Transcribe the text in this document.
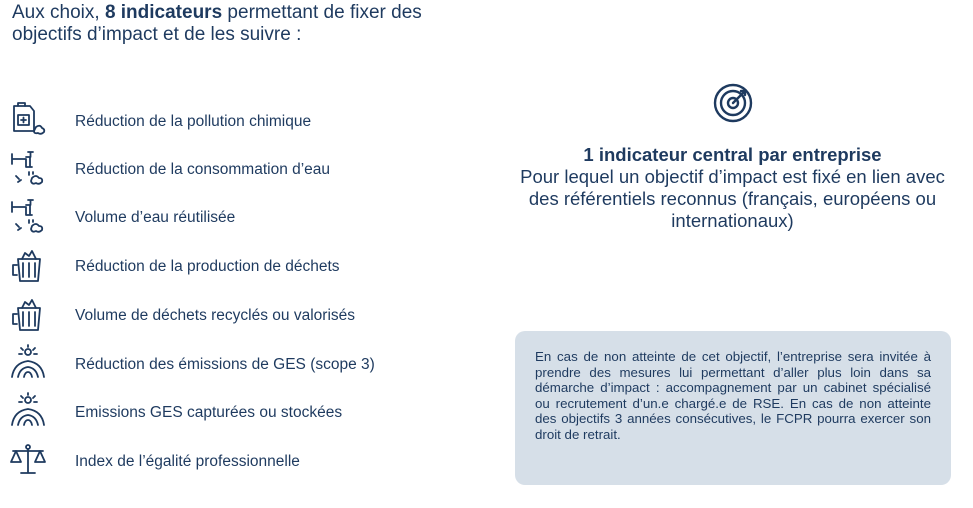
Aux choix, 8 indicateurs permettant de fixer des objectifs d’impact et de les suivre :
Réduction de la pollution chimique
Réduction de la consommation d’eau
Volume d’eau réutilisée
Réduction de la production de déchets
Volume de déchets recyclés ou valorisés
Réduction des émissions de GES (scope 3)
Emissions GES capturées ou stockées
Index de l’égalité professionnelle
1 indicateur central par entreprise
Pour lequel un objectif d’impact est fixé en lien avec des référentiels reconnus (français, européens ou internationaux)
En cas de non atteinte de cet objectif, l’entreprise sera invitée à prendre des mesures lui permettant d’aller plus loin dans sa démarche d’impact : accompagnement par un cabinet spécialisé ou recrutement d’un.e chargé.e de RSE. En cas de non atteinte des objectifs 3 années consécutives, le FCPR pourra exercer son droit de retrait.
